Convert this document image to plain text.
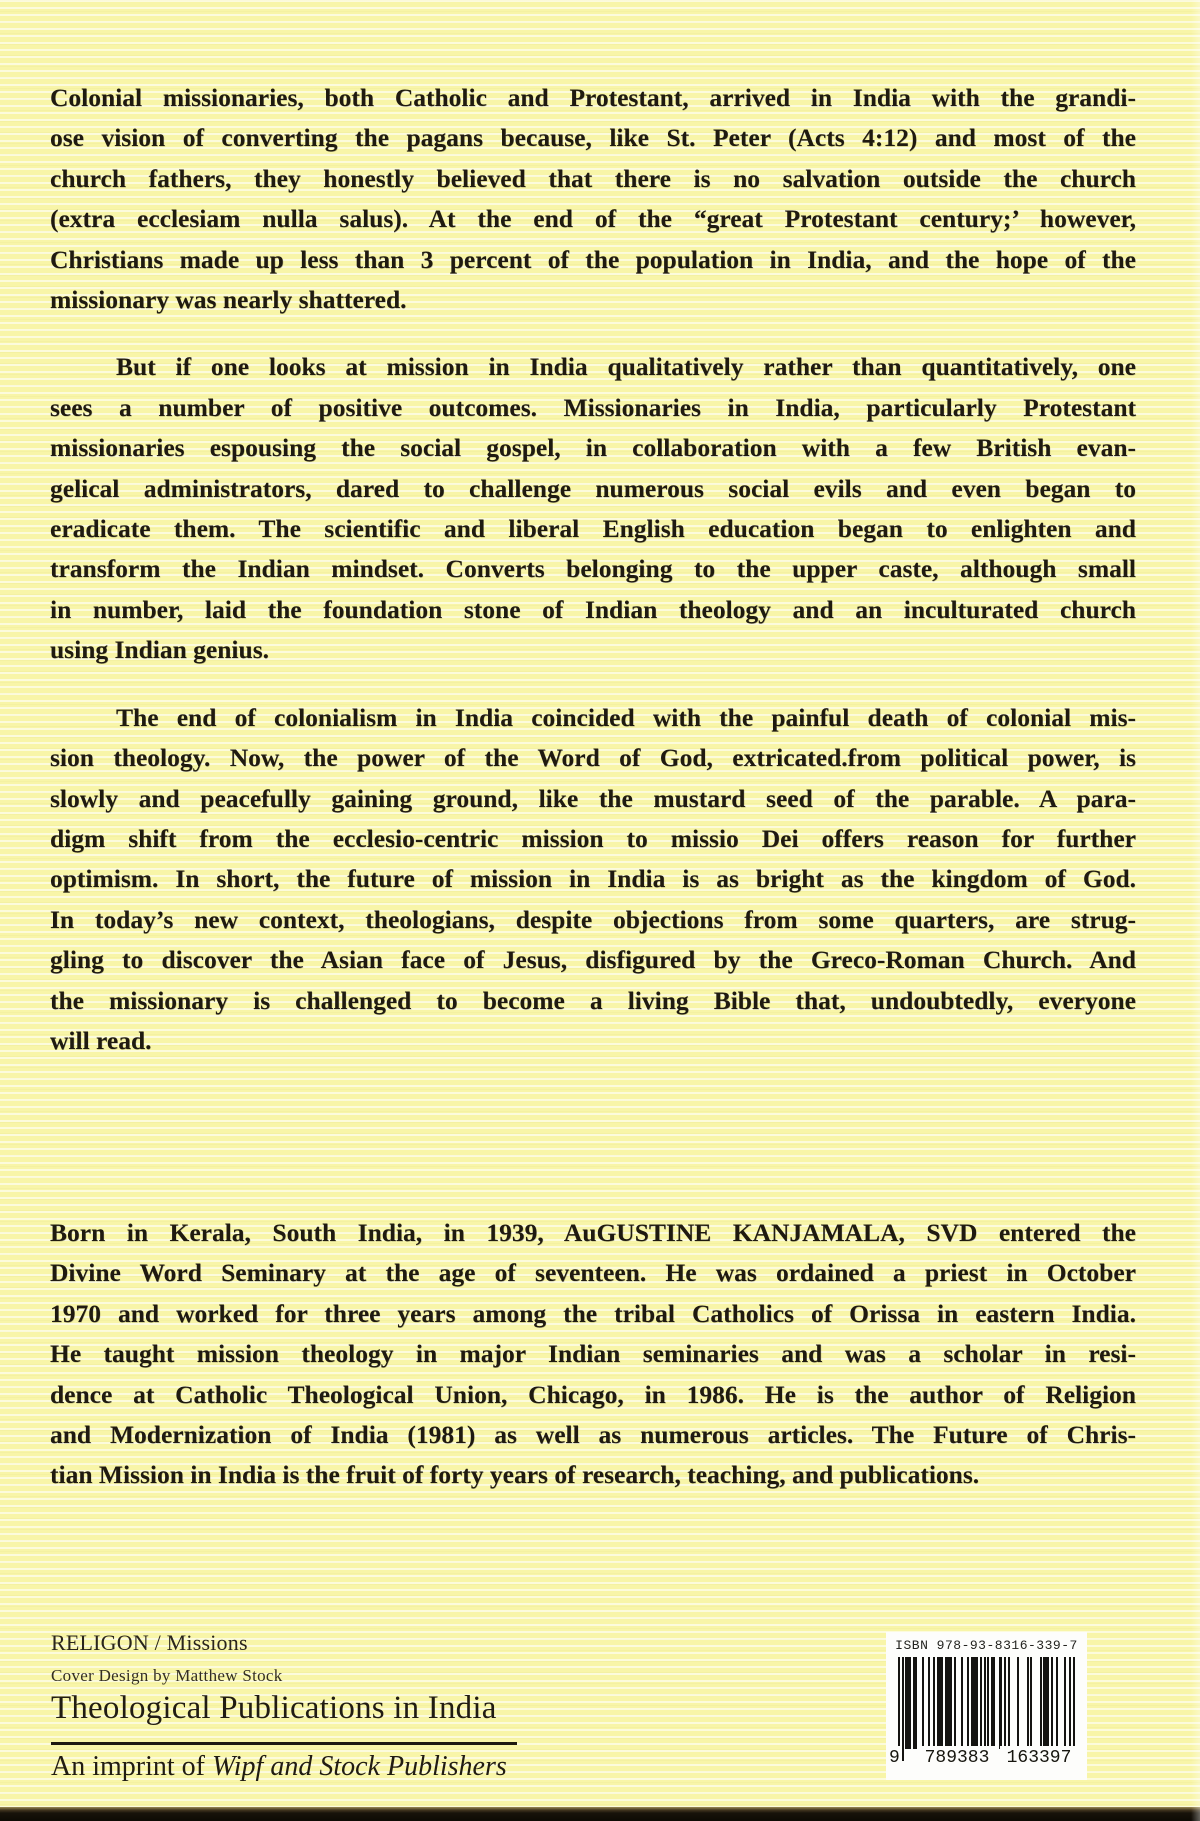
Colonial missionaries, both Catholic and Protestant, arrived in India with the grandi-
ose vision of converting the pagans because, like St. Peter (Acts 4:12) and most of the
church fathers, they honestly believed that there is no salvation outside the church
(extra ecclesiam nulla salus). At the end of the “great Protestant century;’ however,
Christians made up less than 3 percent of the population in India, and the hope of the
missionary was nearly shattered.
But if one looks at mission in India qualitatively rather than quantitatively, one
sees a number of positive outcomes. Missionaries in India, particularly Protestant
missionaries espousing the social gospel, in collaboration with a few British evan-
gelical administrators, dared to challenge numerous social evils and even began to
eradicate them. The scientific and liberal English education began to enlighten and
transform the Indian mindset. Converts belonging to the upper caste, although small
in number, laid the foundation stone of Indian theology and an inculturated church
using Indian genius.
The end of colonialism in India coincided with the painful death of colonial mis-
sion theology. Now, the power of the Word of God, extricated.from political power, is
slowly and peacefully gaining ground, like the mustard seed of the parable. A para-
digm shift from the ecclesio-centric mission to missio Dei offers reason for further
optimism. In short, the future of mission in India is as bright as the kingdom of God.
In today’s new context, theologians, despite objections from some quarters, are strug-
gling to discover the Asian face of Jesus, disfigured by the Greco-Roman Church. And
the missionary is challenged to become a living Bible that, undoubtedly, everyone
will read.
Born in Kerala, South India, in 1939, AuGUSTINE KANJAMALA, SVD entered the
Divine Word Seminary at the age of seventeen. He was ordained a priest in October
1970 and worked for three years among the tribal Catholics of Orissa in eastern India.
He taught mission theology in major Indian seminaries and was a scholar in resi-
dence at Catholic Theological Union, Chicago, in 1986. He is the author of Religion
and Modernization of India (1981) as well as numerous articles. The Future of Chris-
tian Mission in India is the fruit of forty years of research, teaching, and publications.
RELIGON / Missions
Cover Design by Matthew Stock
Theological Publications in India
An imprint of Wipf and Stock Publishers
ISBN 978-93-8316-339-7
9	789383 163397
